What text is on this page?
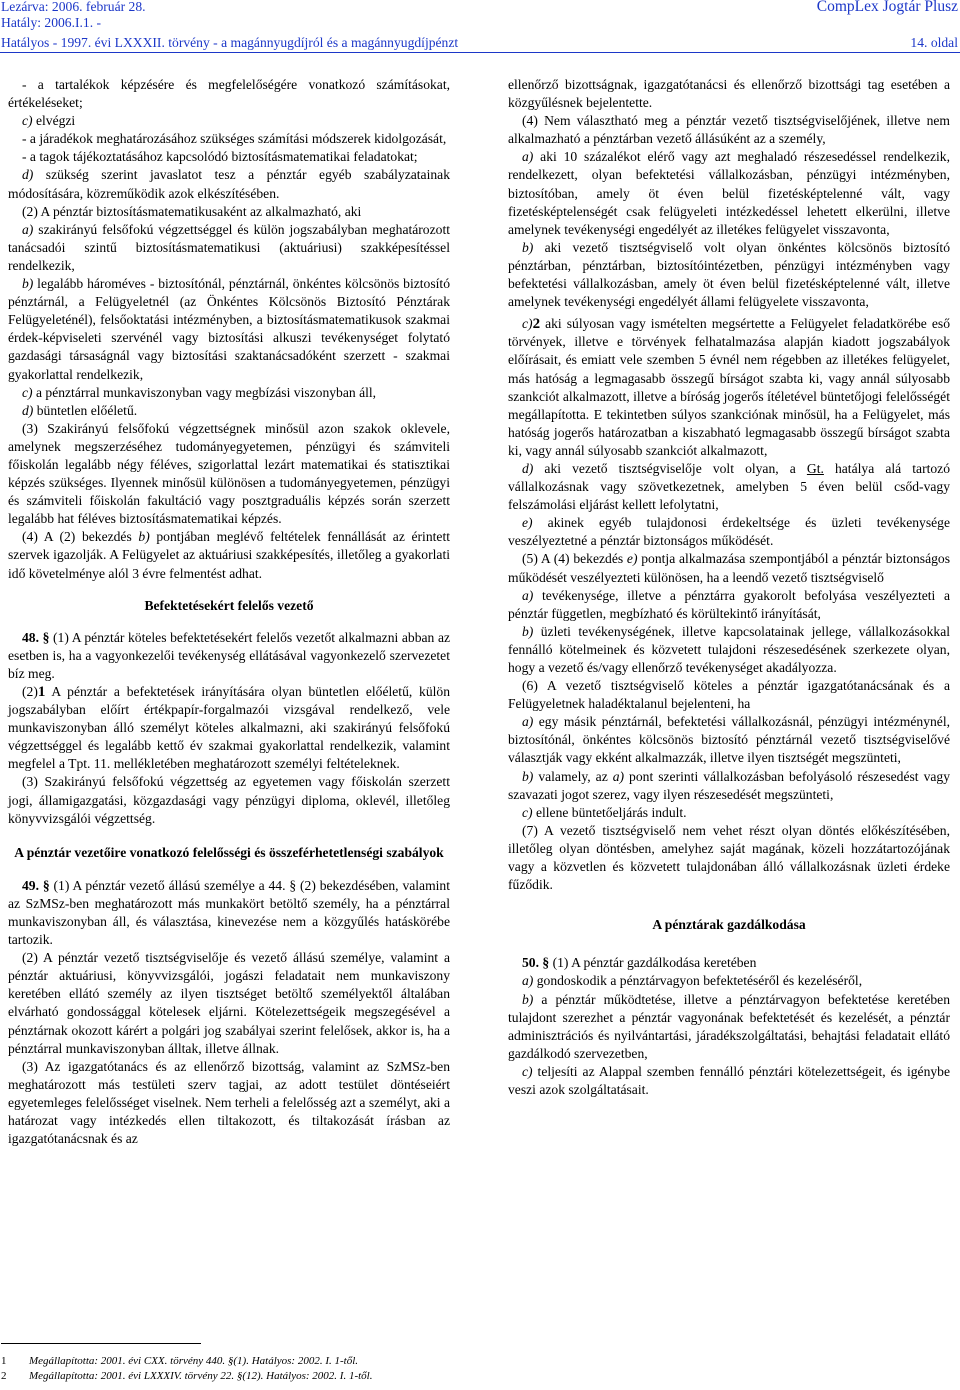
Lezárva: 2006. február 28.	CompLex Jogtár Plusz
Hatály: 2006.I.1. -
Hatályos - 1997. évi LXXXII. törvény - a magánnyugdíjról és a magánnyugdíjpénzt	14. oldal

- a tartalékok képzésére és megfelelőségére vonatkozó számításokat, értékeléseket;

c) elvégzi

- a járadékok meghatározásához szükséges számítási módszerek kidolgozását,

- a tagok tájékoztatásához kapcsolódó biztosításmatematikai feladatokat;

d) szükség szerint javaslatot tesz a pénztár egyéb szabályzatainak módosítására, közreműködik azok elkészítésében.

(2) A pénztár biztosításmatematikusaként az alkalmazható, aki

a) szakirányú felsőfokú végzettséggel és külön jogszabályban meghatározott tanácsadói szintű biztosításmatematikusi (aktuáriusi) szakképesítéssel rendelkezik,

b) legalább hároméves - biztosítónál, pénztárnál, önkéntes kölcsönös biztosító pénztárnál, a Felügyeletnél (az Önkéntes Kölcsönös Biztosító Pénztárak Felügyeleténél), felsőoktatási intézményben, a biztosításmatematikusok szakmai érdek-képviseleti szervénél vagy biztosítási alkuszi tevékenységet folytató gazdasági társaságnál vagy biztosítási szaktanácsadóként szerzett - szakmai gyakorlattal rendelkezik,

c) a pénztárral munkaviszonyban vagy megbízási viszonyban áll,

d) büntetlen előéletű.

(3) Szakirányú felsőfokú végzettségnek minősül azon szakok oklevele, amelynek megszerzéséhez tudományegyetemen, pénzügyi és számviteli főiskolán legalább négy féléves, szigorlattal lezárt matematikai és statisztikai képzés szükséges. Ilyennek minősül különösen a tudományegyetemen, pénzügyi és számviteli főiskolán fakultáció vagy posztgraduális képzés során szerzett legalább hat féléves biztosításmatematikai képzés.

(4) A (2) bekezdés b) pontjában meglévő feltételek fennállását az érintett szervek igazolják. A Felügyelet az aktuáriusi szakképesítés, illetőleg a gyakorlati idő követelménye alól 3 évre felmentést adhat.

Befektetésekért felelős vezető

48. § (1) A pénztár köteles befektetésekért felelős vezetőt alkalmazni abban az esetben is, ha a vagyonkezelői tevékenység ellátásával vagyonkezelő szervezetet bíz meg.

(2)1 A pénztár a befektetések irányítására olyan büntetlen előéletű, külön jogszabályban előírt értékpapír-forgalmazói vizsgával rendelkező, vele munkaviszonyban álló személyt köteles alkalmazni, aki szakirányú felsőfokú végzettséggel és legalább kettő év szakmai gyakorlattal rendelkezik, valamint megfelel a Tpt. 11. mellékletében meghatározott személyi feltételeknek.

(3) Szakirányú felsőfokú végzettség az egyetemen vagy főiskolán szerzett jogi, államigazgatási, közgazdasági vagy pénzügyi diploma, oklevél, illetőleg könyvvizsgálói végzettség.

A pénztár vezetőire vonatkozó felelősségi és összeférhetetlenségi szabályok

49. § (1) A pénztár vezető állású személye a 44. § (2) bekezdésében, valamint az SzMSz-ben meghatározott más munkakört betöltő személy, ha a pénztárral munkaviszonyban áll, és választása, kinevezése nem a közgyűlés hatáskörébe tartozik.

(2) A pénztár vezető tisztségviselője és vezető állású személye, valamint a pénztár aktuáriusi, könyvvizsgálói, jogászi feladatait nem munkaviszony keretében ellátó személy az ilyen tisztséget betöltő személyektől általában elvárható gondossággal kötelesek eljárni. Kötelezettségeik megszegésével a pénztárnak okozott kárért a polgári jog szabályai szerint felelősek, akkor is, ha a pénztárral munkaviszonyban álltak, illetve állnak.

(3) Az igazgatótanács és az ellenőrző bizottság, valamint az SzMSz-ben meghatározott más testületi szerv tagjai, az adott testület döntéseiért egyetemleges felelősséget viselnek. Nem terheli a felelősség azt a személyt, aki a határozat vagy intézkedés ellen tiltakozott, és tiltakozását írásban az igazgatótanácsnak és az

ellenőrző bizottságnak, igazgatótanácsi és ellenőrző bizottsági tag esetében a közgyűlésnek bejelentette.

(4) Nem választható meg a pénztár vezető tisztségviselőjének, illetve nem alkalmazható a pénztárban vezető állásúként az a személy,

a) aki 10 százalékot elérő vagy azt meghaladó részesedéssel rendelkezik, rendelkezett, olyan befektetési vállalkozásban, pénzügyi intézményben, biztosítóban, amely öt éven belül fizetésképtelenné vált, vagy fizetésképtelenségét csak felügyeleti intézkedéssel lehetett elkerülni, illetve amelynek tevékenységi engedélyét az illetékes felügyelet visszavonta,

b) aki vezető tisztségviselő volt olyan önkéntes kölcsönös biztosító pénztárban, pénztárban, biztosítóintézetben, pénzügyi intézményben vagy befektetési vállalkozásban, amely öt éven belül fizetésképtelenné vált, illetve amelynek tevékenységi engedélyét állami felügyelete visszavonta,

c)2 aki súlyosan vagy ismételten megsértette a Felügyelet feladatkörébe eső törvények, illetve e törvények felhatalmazása alapján kiadott jogszabályok előírásait, és emiatt vele szemben 5 évnél nem régebben az illetékes felügyelet, más hatóság a legmagasabb összegű bírságot szabta ki, vagy annál súlyosabb szankciót alkalmazott, illetve a bíróság jogerős ítéletével büntetőjogi felelősségét megállapította. E tekintetben súlyos szankciónak minősül, ha a Felügyelet, más hatóság jogerős határozatban a kiszabható legmagasabb összegű bírságot szabta ki, vagy annál súlyosabb szankciót alkalmazott,

d) aki vezető tisztségviselője volt olyan, a Gt. hatálya alá tartozó vállalkozásnak vagy szövetkezetnek, amelyben 5 éven belül csőd-vagy felszámolási eljárást kellett lefolytatni,

e) akinek egyéb tulajdonosi érdekeltsége és üzleti tevékenysége veszélyeztetné a pénztár biztonságos működését.

(5) A (4) bekezdés e) pontja alkalmazása szempontjából a pénztár biztonságos működését veszélyezteti különösen, ha a leendő vezető tisztségviselő

a) tevékenysége, illetve a pénztárra gyakorolt befolyása veszélyezteti a pénztár független, megbízható és körültekintő irányítását,

b) üzleti tevékenységének, illetve kapcsolatainak jellege, vállalkozásokkal fennálló kötelmeinek és közvetett tulajdoni részesedésének szerkezete olyan, hogy a vezető és/vagy ellenőrző tevékenységet akadályozza.

(6) A vezető tisztségviselő köteles a pénztár igazgatótanácsának és a Felügyeletnek haladéktalanul bejelenteni, ha

a) egy másik pénztárnál, befektetési vállalkozásnál, pénzügyi intézménynél, biztosítónál, önkéntes kölcsönös biztosító pénztárnál vezető tisztségviselővé választják vagy ekként alkalmazzák, illetve ilyen tisztségét megszünteti,

b) valamely, az a) pont szerinti vállalkozásban befolyásoló részesedést vagy szavazati jogot szerez, vagy ilyen részesedését megszünteti,

c) ellene büntetőeljárás indult.

(7) A vezető tisztségviselő nem vehet részt olyan döntés előkészítésében, illetőleg olyan döntésben, amelyhez saját magának, közeli hozzátartozójának vagy a közvetlen és közvetett tulajdonában álló vállalkozásnak üzleti érdeke fűződik.

A pénztárak gazdálkodása

50. § (1) A pénztár gazdálkodása keretében

a) gondoskodik a pénztárvagyon befektetéséről és kezeléséről,

b) a pénztár működtetése, illetve a pénztárvagyon befektetése keretében tulajdont szerezhet a pénztár vagyonának befektetését és kezelését, a pénztár adminisztrációs és nyilvántartási, járadékszolgáltatási, behajtási feladatait ellátó gazdálkodó szervezetben,

c) teljesíti az Alappal szemben fennálló pénztári kötelezettségeit, és igénybe veszi azok szolgáltatásait.

1 Megállapította: 2001. évi CXX. törvény 440. §(1). Hatályos: 2002. I. 1-től.
2 Megállapította: 2001. évi LXXXIV. törvény 22. §(12). Hatályos: 2002. I. 1-től.
